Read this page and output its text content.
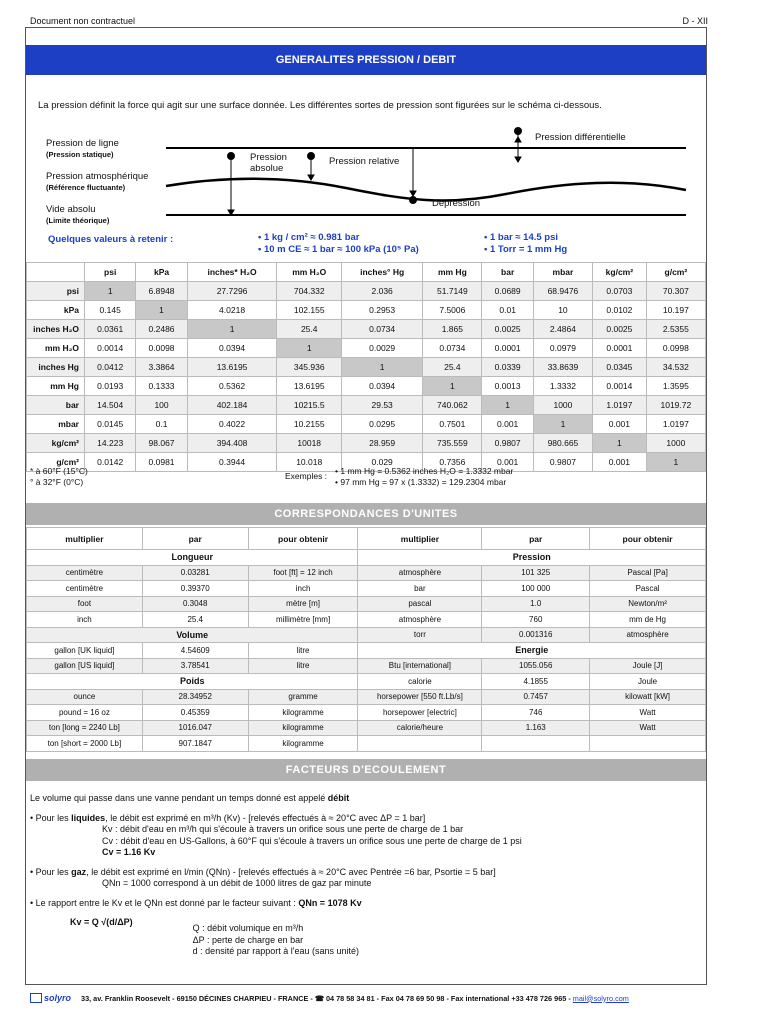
Document non contractuel	D - XII
GENERALITES PRESSION / DEBIT
La pression définit la force qui agit sur une surface donnée. Les différentes sortes de pression sont figurées sur le schéma ci-dessous.
Pression de ligne
(Pression statique)
Pression atmosphérique
(Référence fluctuante)
Vide absolu
(Limite théorique)
Pression
absolue
Pression relative
Pression différentielle
Dépression
Quelques valeurs à retenir :	• 1 kg / cm² ≈ 0.981 bar
• 10 m CE ≈ 1 bar ≈ 100 kPa (10⁵ Pa)
• 1 bar ≈ 14.5 psi
• 1 Torr = 1 mm Hg
	psi	kPa	inches* H₂O	mm H₂O	inches° Hg	mm Hg	bar	mbar	kg/cm²	g/cm²
psi	1	6.8948	27.7296	704.332	2.036	51.7149	0.0689	68.9476	0.0703	70.307
kPa	0.145	1	4.0218	102.155	0.2953	7.5006	0.01	10	0.0102	10.197
inches H₂O	0.0361	0.2486	1	25.4	0.0734	1.865	0.0025	2.4864	0.0025	2.5355
mm H₂O	0.0014	0.0098	0.0394	1	0.0029	0.0734	0.0001	0.0979	0.0001	0.0998
inches Hg	0.0412	3.3864	13.6195	345.936	1	25.4	0.0339	33.8639	0.0345	34.532
mm Hg	0.0193	0.1333	0.5362	13.6195	0.0394	1	0.0013	1.3332	0.0014	1.3595
bar	14.504	100	402.184	10215.5	29.53	740.062	1	1000	1.0197	1019.72
mbar	0.0145	0.1	0.4022	10.2155	0.0295	0.7501	0.001	1	0.001	1.0197
kg/cm²	14.223	98.067	394.408	10018	28.959	735.559	0.9807	980.665	1	1000
g/cm²	0.0142	0.0981	0.3944	10.018	0.029	0.7356	0.001	0.9807	0.001	1
* à 60°F (15°C)
° à 32°F (0°C)
Exemples : • 1 mm Hg = 0.5362 inches H₂O = 1.3332 mbar
• 97 mm Hg = 97 x (1.3332) = 129.2304 mbar
CORRESPONDANCES D'UNITES
multiplier	par	pour obtenir	multiplier	par	pour obtenir
Longueur			Pression		
centimètre	0.03281	foot [ft] = 12 inch	atmosphère	101 325	Pascal [Pa]
centimètre	0.39370	inch	bar	100 000	Pascal
foot	0.3048	mètre [m]	pascal	1.0	Newton/m²
inch	25.4	millimètre [mm]	atmosphère	760	mm de Hg
Volume			torr	0.001316	atmosphère
gallon [UK liquid]	4.54609	litre	Energie		
gallon [US liquid]	3.78541	litre	Btu [international]	1055.056	Joule [J]
Poids			calorie	4.1855	Joule
ounce	28.34952	gramme	horsepower [550 ft.Lb/s]	0.7457	kilowatt [kW]
pound = 16 oz	0.45359	kilogramme	horsepower [electric]	746	Watt
ton [long = 2240 Lb]	1016.047	kilogramme	calorie/heure	1.163	Watt
ton [short = 2000 Lb]	907.1847	kilogramme			
FACTEURS D'ECOULEMENT

Le volume qui passe dans une vanne pendant un temps donné est appelé débit

• Pour les liquides, le débit est exprimé en m³/h (Kv) - [relevés effectués à ≈ 20°C avec ΔP = 1 bar]
Kv : débit d'eau en m³/h qui s'écoule à travers un orifice sous une perte de charge de 1 bar
Cv : débit d'eau en US-Gallons, à 60°F qui s'écoule à travers un orifice sous une perte de charge de 1 psi

Cv = 1.16 Kv

• Pour les gaz, le débit est exprimé en l/min (QNn) - [relevés effectués à ≈ 20°C avec Pentrée =6 bar, Psortie = 5 bar]

QNn = 1000 correspond à un débit de 1000 litres de gaz par minute

• Le rapport entre le Kv et le QNn est donné par le facteur suivant : QNn = 1078 Kv

Kv = Q √(d/ΔP)
Q : débit volumique en m³/h
ΔP : perte de charge en bar
d : densité par rapport à l'eau (sans unité)
solyro 33, av. Franklin Roosevelt - 69150 DÉCINES CHARPIEU - FRANCE - ☎ 04 78 58 34 81 - Fax 04 78 69 50 98 - Fax international +33 478 726 965 - mail@solyro.com
